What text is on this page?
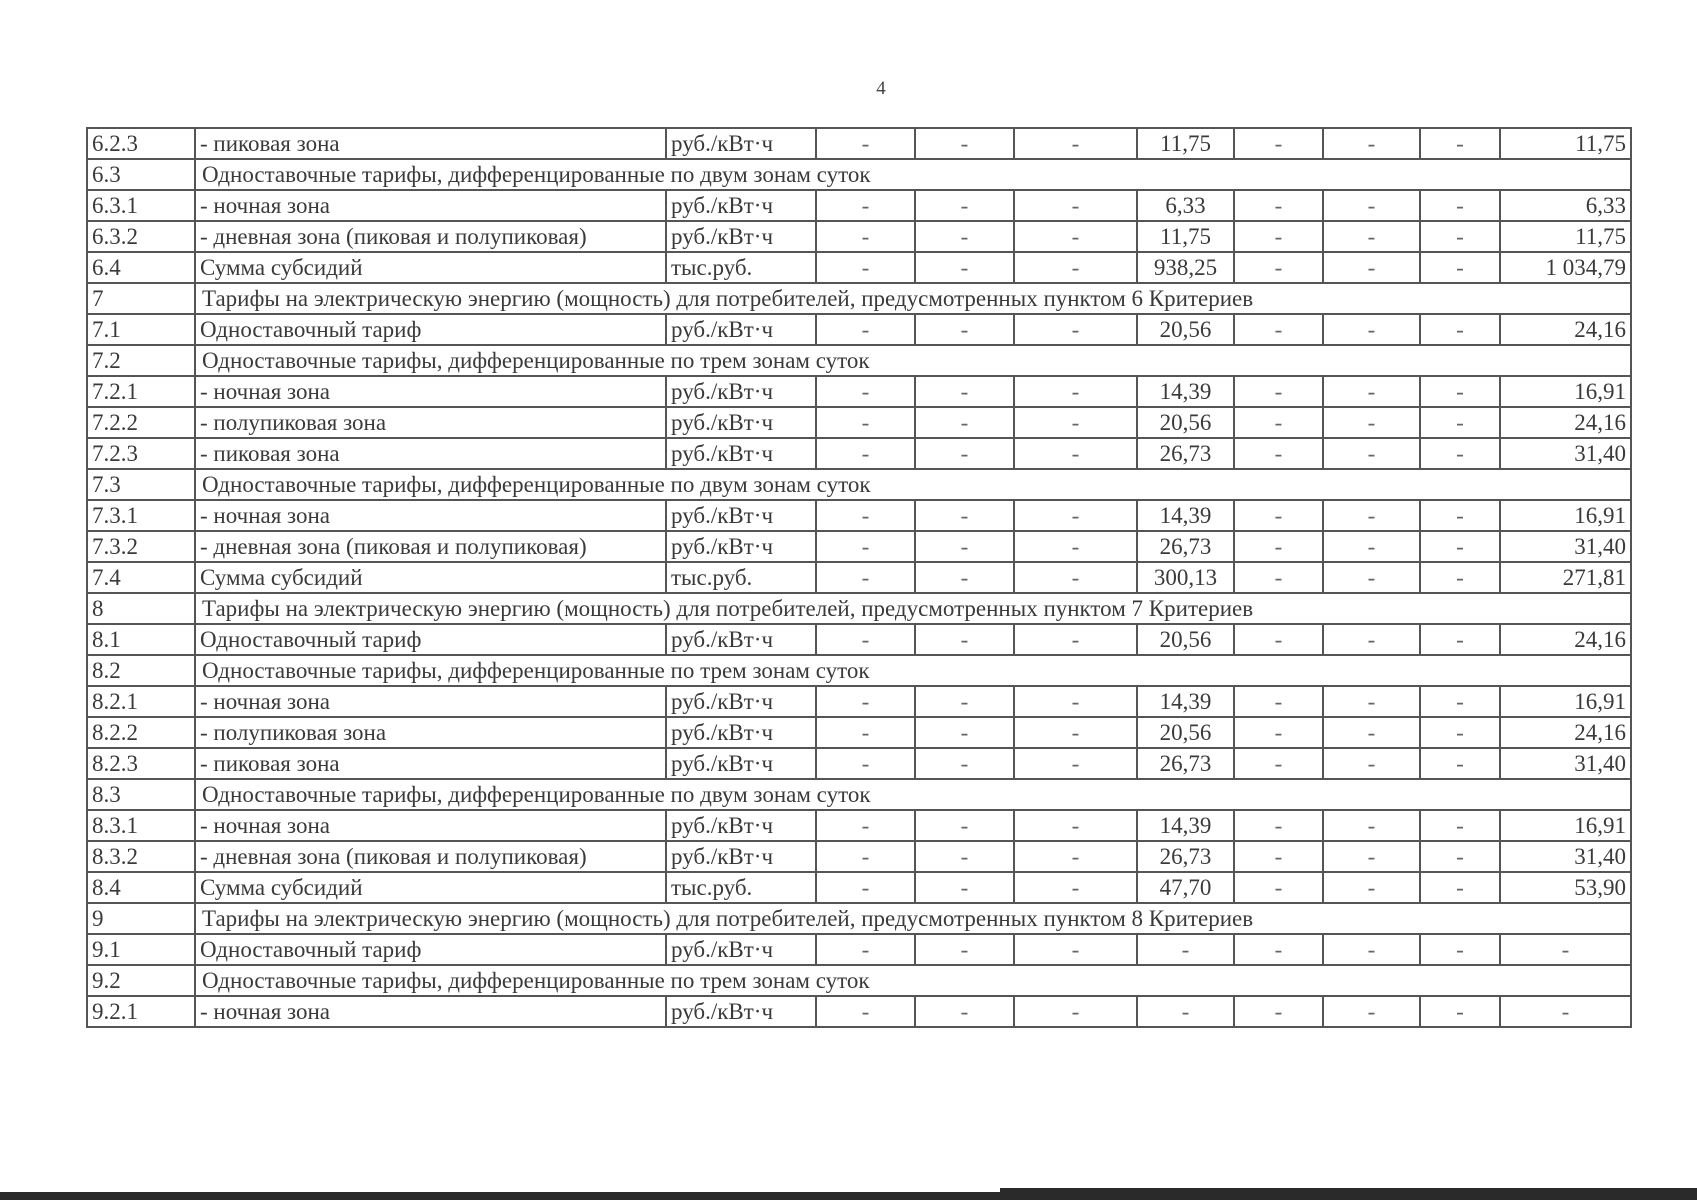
4
6.2.3	- пиковая зона	руб./кВт·ч	-	-	-	11,75	-	-	-	11,75
6.3	Одноставочные тарифы, дифференцированные по двум зонам суток									
6.3.1	- ночная зона	руб./кВт·ч	-	-	-	6,33	-	-	-	6,33
6.3.2	- дневная зона (пиковая и полупиковая)	руб./кВт·ч	-	-	-	11,75	-	-	-	11,75
6.4	Сумма субсидий	тыс.руб.	-	-	-	938,25	-	-	-	1 034,79
7	Тарифы на электрическую энергию (мощность) для потребителей, предусмотренных пунктом 6 Критериев									
7.1	Одноставочный тариф	руб./кВт·ч	-	-	-	20,56	-	-	-	24,16
7.2	Одноставочные тарифы, дифференцированные по трем зонам суток									
7.2.1	- ночная зона	руб./кВт·ч	-	-	-	14,39	-	-	-	16,91
7.2.2	- полупиковая зона	руб./кВт·ч	-	-	-	20,56	-	-	-	24,16
7.2.3	- пиковая зона	руб./кВт·ч	-	-	-	26,73	-	-	-	31,40
7.3	Одноставочные тарифы, дифференцированные по двум зонам суток									
7.3.1	- ночная зона	руб./кВт·ч	-	-	-	14,39	-	-	-	16,91
7.3.2	- дневная зона (пиковая и полупиковая)	руб./кВт·ч	-	-	-	26,73	-	-	-	31,40
7.4	Сумма субсидий	тыс.руб.	-	-	-	300,13	-	-	-	271,81
8	Тарифы на электрическую энергию (мощность) для потребителей, предусмотренных пунктом 7 Критериев									
8.1	Одноставочный тариф	руб./кВт·ч	-	-	-	20,56	-	-	-	24,16
8.2	Одноставочные тарифы, дифференцированные по трем зонам суток									
8.2.1	- ночная зона	руб./кВт·ч	-	-	-	14,39	-	-	-	16,91
8.2.2	- полупиковая зона	руб./кВт·ч	-	-	-	20,56	-	-	-	24,16
8.2.3	- пиковая зона	руб./кВт·ч	-	-	-	26,73	-	-	-	31,40
8.3	Одноставочные тарифы, дифференцированные по двум зонам суток									
8.3.1	- ночная зона	руб./кВт·ч	-	-	-	14,39	-	-	-	16,91
8.3.2	- дневная зона (пиковая и полупиковая)	руб./кВт·ч	-	-	-	26,73	-	-	-	31,40
8.4	Сумма субсидий	тыс.руб.	-	-	-	47,70	-	-	-	53,90
9	Тарифы на электрическую энергию (мощность) для потребителей, предусмотренных пунктом 8 Критериев									
9.1	Одноставочный тариф	руб./кВт·ч	-	-	-	-	-	-	-	-
9.2	Одноставочные тарифы, дифференцированные по трем зонам суток									
9.2.1	- ночная зона	руб./кВт·ч	-	-	-	-	-	-	-	-
